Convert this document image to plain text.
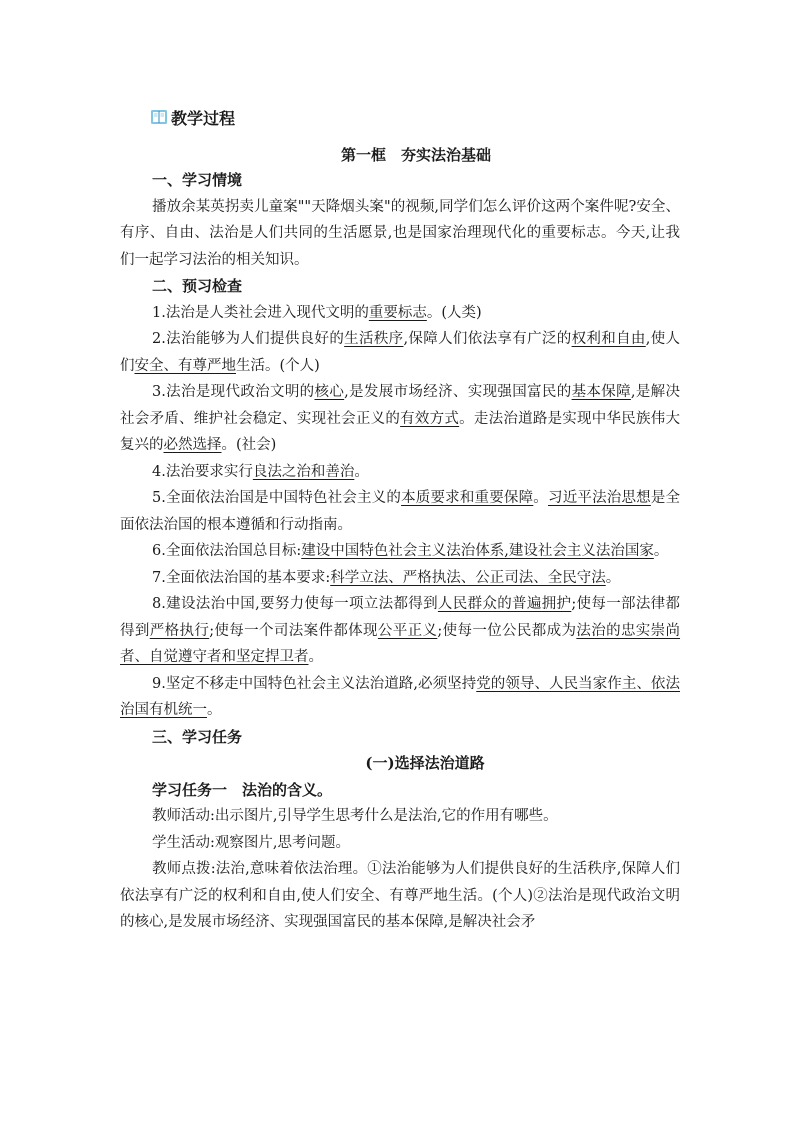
教学过程
第一框　夯实法治基础

一、学习情境

播放余某英拐卖儿童案""天降烟头案"的视频,同学们怎么评价这两个案件呢?安全、有序、自由、法治是人们共同的生活愿景,也是国家治理现代化的重要标志。今天,让我们一起学习法治的相关知识。

二、预习检查

1.法治是人类社会进入现代文明的重要标志。(人类)

2.法治能够为人们提供良好的生活秩序,保障人们依法享有广泛的权利和自由,使人们安全、有尊严地生活。(个人)

3.法治是现代政治文明的核心,是发展市场经济、实现强国富民的基本保障,是解决社会矛盾、维护社会稳定、实现社会正义的有效方式。走法治道路是实现中华民族伟大复兴的必然选择。(社会)

4.法治要求实行良法之治和善治。

5.全面依法治国是中国特色社会主义的本质要求和重要保障。习近平法治思想是全面依法治国的根本遵循和行动指南。

6.全面依法治国总目标:建设中国特色社会主义法治体系,建设社会主义法治国家。

7.全面依法治国的基本要求:科学立法、严格执法、公正司法、全民守法。

8.建设法治中国,要努力使每一项立法都得到人民群众的普遍拥护;使每一部法律都得到严格执行;使每一个司法案件都体现公平正义;使每一位公民都成为法治的忠实崇尚者、自觉遵守者和坚定捍卫者。

9.坚定不移走中国特色社会主义法治道路,必须坚持党的领导、人民当家作主、依法治国有机统一。

三、学习任务

(一)选择法治道路

学习任务一　法治的含义。

教师活动:出示图片,引导学生思考什么是法治,它的作用有哪些。

学生活动:观察图片,思考问题。

教师点拨:法治,意味着依法治理。①法治能够为人们提供良好的生活秩序,保障人们依法享有广泛的权利和自由,使人们安全、有尊严地生活。(个人)②法治是现代政治文明的核心,是发展市场经济、实现强国富民的基本保障,是解决社会矛
